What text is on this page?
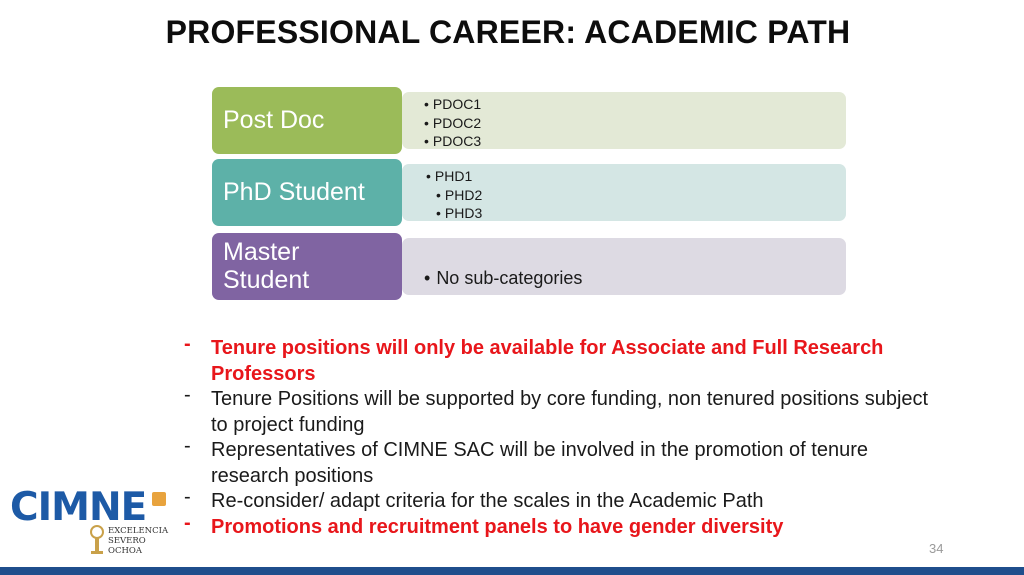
PROFESSIONAL CAREER: ACADEMIC PATH
• PDOC1
• PDOC2
• PDOC3
Post Doc
• PHD1
• PHD2
• PHD3
PhD Student
• No sub-categories
Master
Student
- Tenure positions will only be available for Associate and Full Research Professors
- Tenure Positions will be supported by core funding, non tenured positions subject to project funding
- Representatives of CIMNE SAC will be involved in the promotion of tenure research positions
- Re-consider/ adapt criteria for the scales in the Academic Path
- Promotions and recruitment panels to have gender diversity
CIMNE
EXCELENCIA
SEVERO
OCHOA	34
